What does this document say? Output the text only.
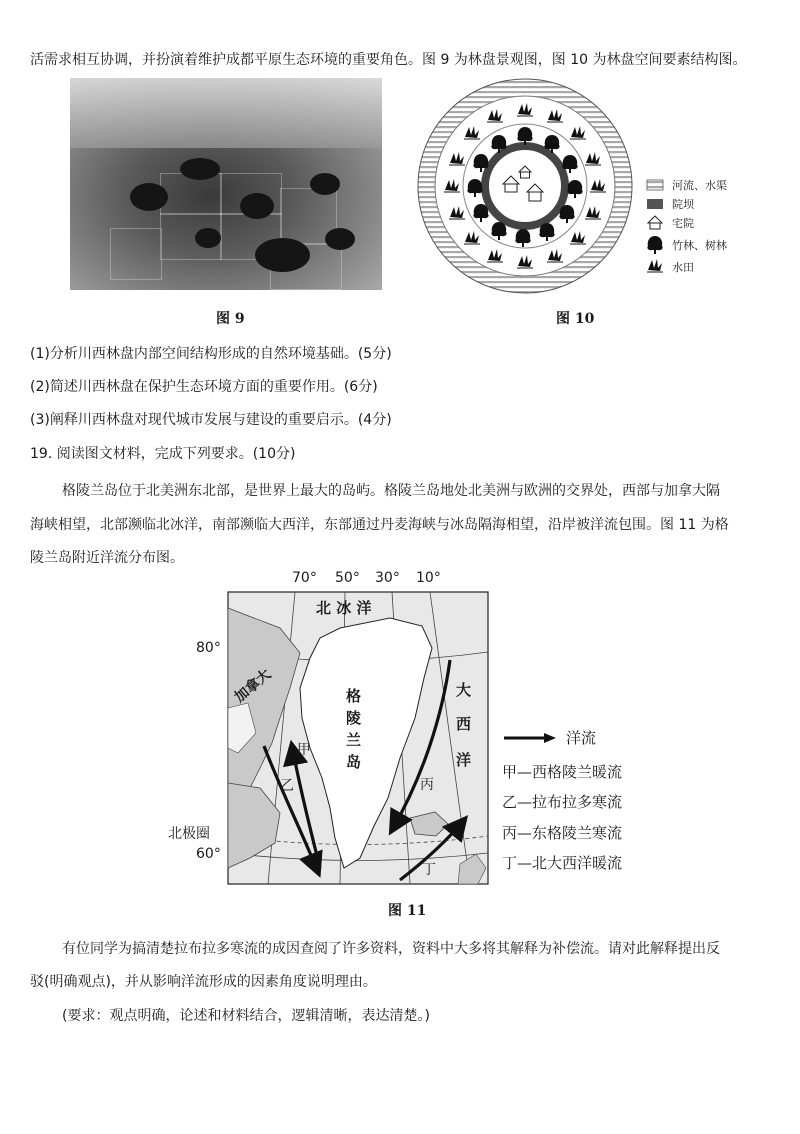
活需求相互协调，并扮演着维护成都平原生态环境的重要角色。图 9 为林盘景观图，图 10 为林盘空间要素结构图。
图 9
河流、水渠
院坝
宅院
竹林、树林
水田
图 10
(1)分析川西林盘内部空间结构形成的自然环境基础。(5分)
(2)简述川西林盘在保护生态环境方面的重要作用。(6分)
(3)阐释川西林盘对现代城市发展与建设的重要启示。(4分)
19. 阅读图文材料，完成下列要求。(10分)
格陵兰岛位于北美洲东北部，是世界上最大的岛屿。格陵兰岛地处北美洲与欧洲的交界处，西部与加拿大隔
海峡相望，北部濒临北冰洋，南部濒临大西洋，东部通过丹麦海峡与冰岛隔海相望，沿岸被洋流包围。图 11 为格
陵兰岛附近洋流分布图。
70° 50° 30° 10°
80°
北极圈
60°
北 冰 洋
大
西
洋
加拿大	格
陵
兰
岛
甲
乙	丙
丁
洋流
甲—西格陵兰暖流
乙—拉布拉多寒流
丙—东格陵兰寒流
丁—北大西洋暖流
图 11
有位同学为搞清楚拉布拉多寒流的成因查阅了许多资料，资料中大多将其解释为补偿流。请对此解释提出反
驳(明确观点)，并从影响洋流形成的因素角度说明理由。
(要求：观点明确，论述和材料结合，逻辑清晰，表达清楚。)
